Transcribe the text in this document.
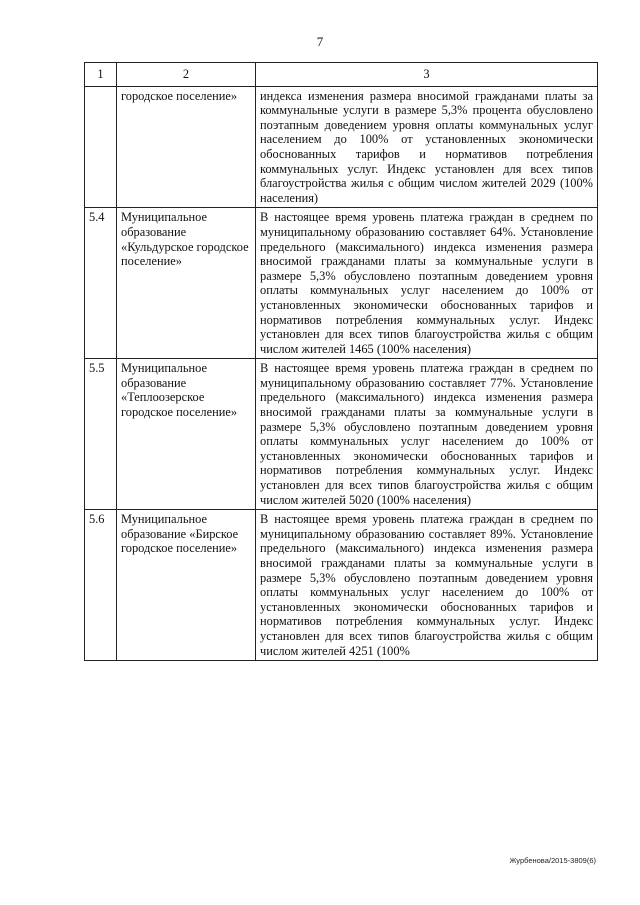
7
1	2	3
	городское поселение»	индекса изменения размера вносимой гражданами платы за коммунальные услуги в размере 5,3% процента обусловлено поэтапным доведением уровня оплаты коммунальных услуг населением до 100% от установленных экономически обоснованных тарифов и нормативов потребления коммунальных услуг. Индекс установлен для всех типов благоустройства жилья с общим числом жителей 2029 (100% населения)
5.4	Муниципальное образование «Кульдурское городское поселение»	В настоящее время уровень платежа граждан в среднем по муниципальному образованию составляет 64%. Установление предельного (максимального) индекса изменения размера вносимой гражданами платы за коммунальные услуги в размере 5,3% обусловлено поэтапным доведением уровня оплаты коммунальных услуг населением до 100% от установленных экономически обоснованных тарифов и нормативов потребления коммунальных услуг. Индекс установлен для всех типов благоустройства жилья с общим числом жителей 1465 (100% населения)
5.5	Муниципальное образование «Теплоозерское городское поселение»	В настоящее время уровень платежа граждан в среднем по муниципальному образованию составляет 77%. Установление предельного (максимального) индекса изменения размера вносимой гражданами платы за коммунальные услуги в размере 5,3% обусловлено поэтапным доведением уровня оплаты коммунальных услуг населением до 100% от установленных экономически обоснованных тарифов и нормативов потребления коммунальных услуг. Индекс установлен для всех типов благоустройства жилья с общим числом жителей 5020 (100% населения)
5.6	Муниципальное образование «Бирское городское поселение»	В настоящее время уровень платежа граждан в среднем по муниципальному образованию составляет 89%. Установление предельного (максимального) индекса изменения размера вносимой гражданами платы за коммунальные услуги в размере 5,3% обусловлено поэтапным доведением уровня оплаты коммунальных услуг населением до 100% от установленных экономически обоснованных тарифов и нормативов потребления коммунальных услуг. Индекс установлен для всех типов благоустройства жилья с общим числом жителей 4251 (100%
Журбенова/2015-3809(6)
